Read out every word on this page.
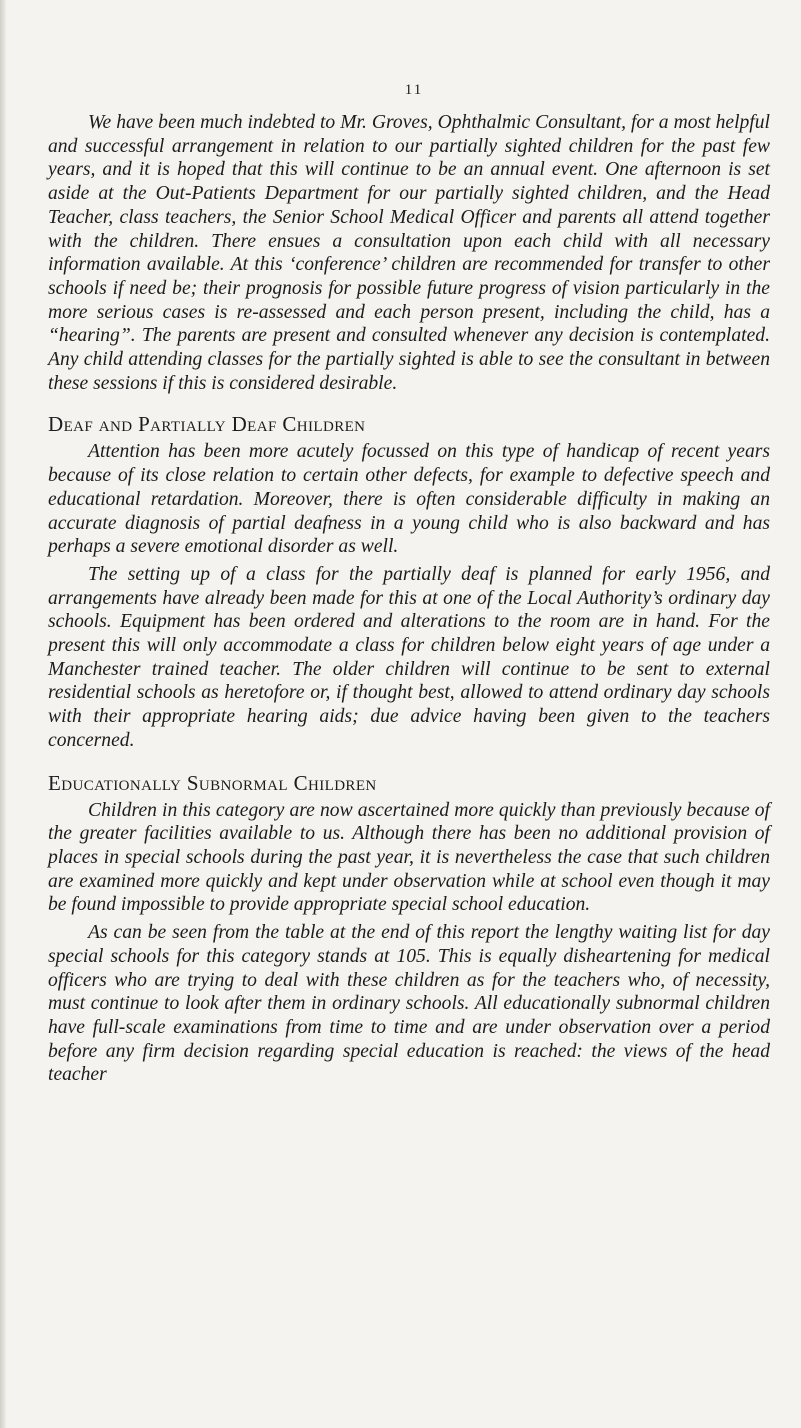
11

We have been much indebted to Mr. Groves, Ophthalmic Consultant, for a most helpful and successful arrangement in relation to our partially sighted children for the past few years, and it is hoped that this will continue to be an annual event. One afternoon is set aside at the Out-Patients Department for our partially sighted children, and the Head Teacher, class teachers, the Senior School Medical Officer and parents all attend together with the children. There ensues a consultation upon each child with all necessary information available. At this ‘conference’ children are recommended for transfer to other schools if need be; their prognosis for possible future progress of vision particularly in the more serious cases is re-assessed and each person present, including the child, has a “hearing”. The parents are present and consulted whenever any decision is contemplated. Any child attending classes for the partially sighted is able to see the consultant in between these sessions if this is considered desirable.

Deaf and Partially Deaf Children

Attention has been more acutely focussed on this type of handicap of recent years because of its close relation to certain other defects, for example to defective speech and educational retardation. Moreover, there is often considerable difficulty in making an accurate diagnosis of partial deafness in a young child who is also backward and has perhaps a severe emotional disorder as well.

The setting up of a class for the partially deaf is planned for early 1956, and arrangements have already been made for this at one of the Local Authority’s ordinary day schools. Equipment has been ordered and alterations to the room are in hand. For the present this will only accommodate a class for children below eight years of age under a Manchester trained teacher. The older children will continue to be sent to external residential schools as heretofore or, if thought best, allowed to attend ordinary day schools with their appropriate hearing aids; due advice having been given to the teachers concerned.

Educationally Subnormal Children

Children in this category are now ascertained more quickly than previously because of the greater facilities available to us. Although there has been no additional provision of places in special schools during the past year, it is nevertheless the case that such children are examined more quickly and kept under observation while at school even though it may be found impossible to provide appropriate special school education.

As can be seen from the table at the end of this report the lengthy waiting list for day special schools for this category stands at 105. This is equally disheartening for medical officers who are trying to deal with these children as for the teachers who, of necessity, must continue to look after them in ordinary schools. All educationally subnormal children have full-scale examinations from time to time and are under observation over a period before any firm decision regarding special education is reached: the views of the head teacher
